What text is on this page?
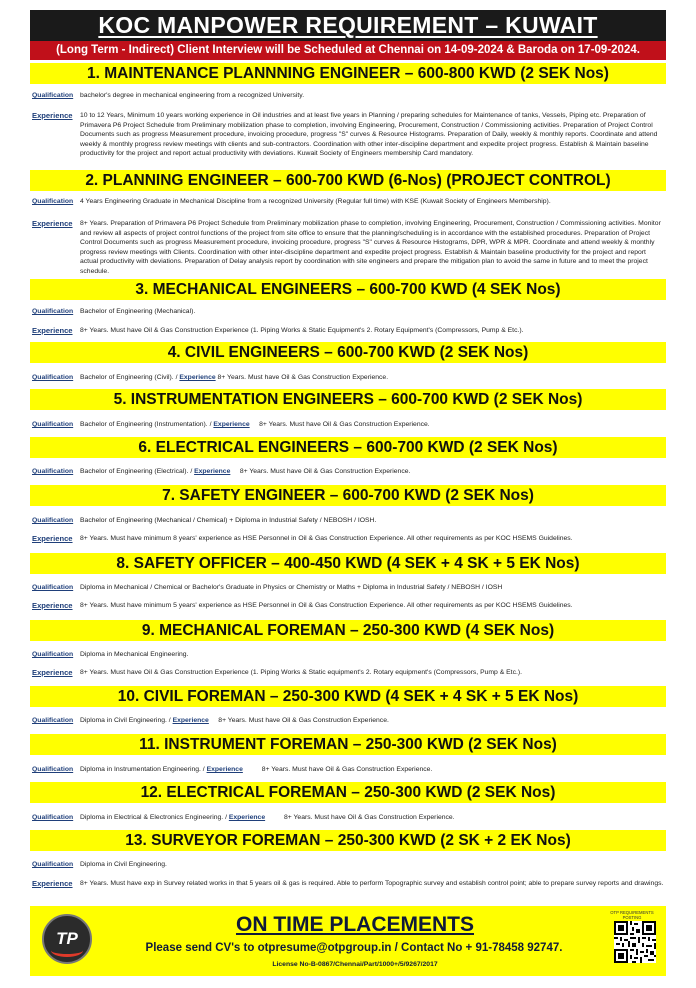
KOC MANPOWER REQUIREMENT – KUWAIT
(Long Term - Indirect) Client Interview will be Scheduled at Chennai on 14-09-2024 & Baroda on 17-09-2024.
1. MAINTENANCE PLANNNING ENGINEER – 600-800 KWD (2 SEK Nos)
Qualification bachelor's degree in mechanical engineering from a recognized University.
Experience 10 to 12 Years, Minimum 10 years working experience in Oil industries and at least five years in Planning / preparing schedules for Maintenance of tanks, Vessels, Piping etc. Preparation of Primavera P6 Project Schedule from Preliminary mobilization phase to completion, involving Engineering, Procurement, Construction / Commissioning activities. Preparation of Project Control Documents such as progress Measurement procedure, invoicing procedure, progress "S" curves & Resource Histograms. Preparation of Daily, weekly & monthly reports. Coordinate and attend weekly & monthly progress review meetings with clients and sub-contractors. Coordination with other inter-discipline department and expedite project progress. Establish & Maintain baseline productivity for the project and report actual productivity with deviations. Kuwait Society of Engineers membership Card mandatory.
2. PLANNING ENGINEER – 600-700 KWD (6-Nos) (PROJECT CONTROL)
Qualification 4 Years Engineering Graduate in Mechanical Discipline from a recognized University (Regular full time) with KSE (Kuwait Society of Engineers Membership).
Experience 8+ Years. Preparation of Primavera P6 Project Schedule from Preliminary mobilization phase to completion, involving Engineering, Procurement, Construction / Commissioning activities. Monitor and review all aspects of project control functions of the project from site office to ensure that the planning/scheduling is in accordance with the established procedures. Preparation of Project Control Documents such as progress Measurement procedure, invoicing procedure, progress "S" curves & Resource Histograms, DPR, WPR & MPR. Coordinate and attend weekly & monthly progress review meetings with Clients. Coordination with other inter-discipline department and expedite project progress. Establish & Maintain baseline productivity for the project and report actual productivity with deviations. Preparation of Delay analysis report by coordination with site engineers and prepare the mitigation plan to avoid the same in future and to meet the project schedule.
3. MECHANICAL ENGINEERS – 600-700 KWD (4 SEK Nos)
Qualification Bachelor of Engineering (Mechanical).
Experience 8+ Years. Must have Oil & Gas Construction Experience (1. Piping Works & Static Equipment's 2. Rotary Equipment's (Compressors, Pump & Etc.).
4. CIVIL ENGINEERS – 600-700 KWD (2 SEK Nos)
Qualification Bachelor of Engineering (Civil). / Experience 8+ Years. Must have Oil & Gas Construction Experience.
5. INSTRUMENTATION ENGINEERS – 600-700 KWD (2 SEK Nos)
Qualification Bachelor of Engineering (Instrumentation). / Experience     8+ Years. Must have Oil & Gas Construction Experience.
6. ELECTRICAL ENGINEERS – 600-700 KWD (2 SEK Nos)
Qualification Bachelor of Engineering (Electrical). / Experience     8+ Years. Must have Oil & Gas Construction Experience.
7. SAFETY ENGINEER – 600-700 KWD (2 SEK Nos)
Qualification Bachelor of Engineering (Mechanical / Chemical) + Diploma in Industrial Safety / NEBOSH / IOSH.
Experience 8+ Years. Must have minimum 8 years' experience as HSE Personnel in Oil & Gas Construction Experience. All other requirements as per KOC HSEMS Guidelines.
8. SAFETY OFFICER – 400-450 KWD (4 SEK + 4 SK + 5 EK Nos)
Qualification Diploma in Mechanical / Chemical or Bachelor's Graduate in Physics or Chemistry or Maths + Diploma in Industrial Safety / NEBOSH / IOSH
Experience 8+ Years. Must have minimum 5 years' experience as HSE Personnel in Oil & Gas Construction Experience. All other requirements as per KOC HSEMS Guidelines.
9. MECHANICAL FOREMAN – 250-300 KWD (4 SEK Nos)
Qualification Diploma in Mechanical Engineering.
Experience 8+ Years. Must have Oil & Gas Construction Experience (1. Piping Works & Static equipment's 2. Rotary equipment's (Compressors, Pump & Etc.).
10. CIVIL FOREMAN – 250-300 KWD (4 SEK + 4 SK + 5 EK Nos)
Qualification Diploma in Civil Engineering. / Experience     8+ Years. Must have Oil & Gas Construction Experience.
11. INSTRUMENT FOREMAN – 250-300 KWD (2 SEK Nos)
Qualification Diploma in Instrumentation Engineering. / Experience          8+ Years. Must have Oil & Gas Construction Experience.
12. ELECTRICAL FOREMAN – 250-300 KWD (2 SEK Nos)
Qualification Diploma in Electrical & Electronics Engineering. / Experience          8+ Years. Must have Oil & Gas Construction Experience.
13. SURVEYOR FOREMAN – 250-300 KWD (2 SK + 2 EK Nos)
Qualification Diploma in Civil Engineering.
Experience 8+ Years. Must have exp in Survey related works in that 5 years oil & gas is required. Able to perform Topographic survey and establish control point; able to prepare survey reports and drawings.
TP
ON TIME PLACEMENTS
Please send CV's to otpresume@otpgroup.in / Contact No + 91-78458 92747.
License No-B-0867/Chennai/Part/1000+/5/9267/2017
OTP REQUIREMENTS POSTING
